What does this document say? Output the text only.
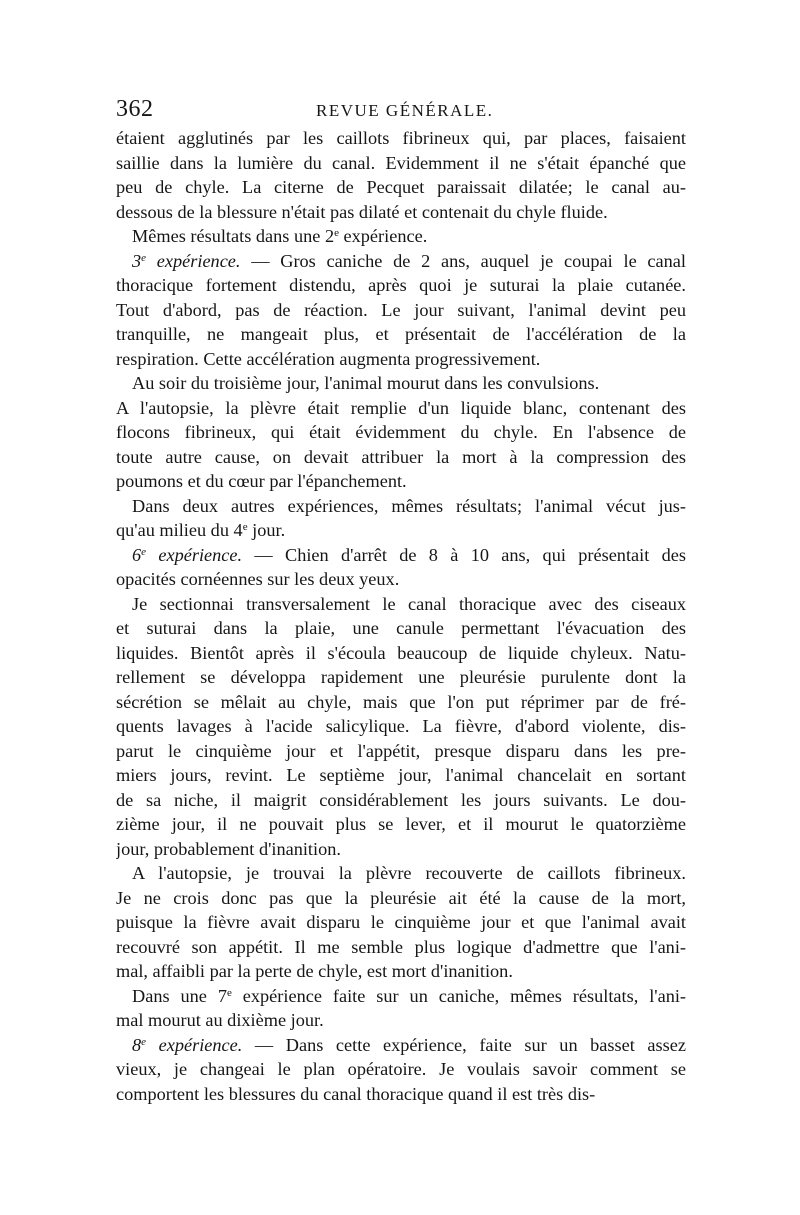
362	REVUE GÉNÉRALE.
étaient agglutinés par les caillots fibrineux qui, par places, faisaient
saillie dans la lumière du canal. Evidemment il ne s'était épanché que
peu de chyle. La citerne de Pecquet paraissait dilatée; le canal au-
dessous de la blessure n'était pas dilaté et contenait du chyle fluide.
Mêmes résultats dans une 2e expérience.
3e expérience. — Gros caniche de 2 ans, auquel je coupai le canal
thoracique fortement distendu, après quoi je suturai la plaie cutanée.
Tout d'abord, pas de réaction. Le jour suivant, l'animal devint peu
tranquille, ne mangeait plus, et présentait de l'accélération de la
respiration. Cette accélération augmenta progressivement.
Au soir du troisième jour, l'animal mourut dans les convulsions.
A l'autopsie, la plèvre était remplie d'un liquide blanc, contenant des
flocons fibrineux, qui était évidemment du chyle. En l'absence de
toute autre cause, on devait attribuer la mort à la compression des
poumons et du cœur par l'épanchement.
Dans deux autres expériences, mêmes résultats; l'animal vécut jus-
qu'au milieu du 4e jour.
6e expérience. — Chien d'arrêt de 8 à 10 ans, qui présentait des
opacités cornéennes sur les deux yeux.
Je sectionnai transversalement le canal thoracique avec des ciseaux
et suturai dans la plaie, une canule permettant l'évacuation des
liquides. Bientôt après il s'écoula beaucoup de liquide chyleux. Natu-
rellement se développa rapidement une pleurésie purulente dont la
sécrétion se mêlait au chyle, mais que l'on put réprimer par de fré-
quents lavages à l'acide salicylique. La fièvre, d'abord violente, dis-
parut le cinquième jour et l'appétit, presque disparu dans les pre-
miers jours, revint. Le septième jour, l'animal chancelait en sortant
de sa niche, il maigrit considérablement les jours suivants. Le dou-
zième jour, il ne pouvait plus se lever, et il mourut le quatorzième
jour, probablement d'inanition.
A l'autopsie, je trouvai la plèvre recouverte de caillots fibrineux.
Je ne crois donc pas que la pleurésie ait été la cause de la mort,
puisque la fièvre avait disparu le cinquième jour et que l'animal avait
recouvré son appétit. Il me semble plus logique d'admettre que l'ani-
mal, affaibli par la perte de chyle, est mort d'inanition.
Dans une 7e expérience faite sur un caniche, mêmes résultats, l'ani-
mal mourut au dixième jour.
8e expérience. — Dans cette expérience, faite sur un basset assez
vieux, je changeai le plan opératoire. Je voulais savoir comment se
comportent les blessures du canal thoracique quand il est très dis-
